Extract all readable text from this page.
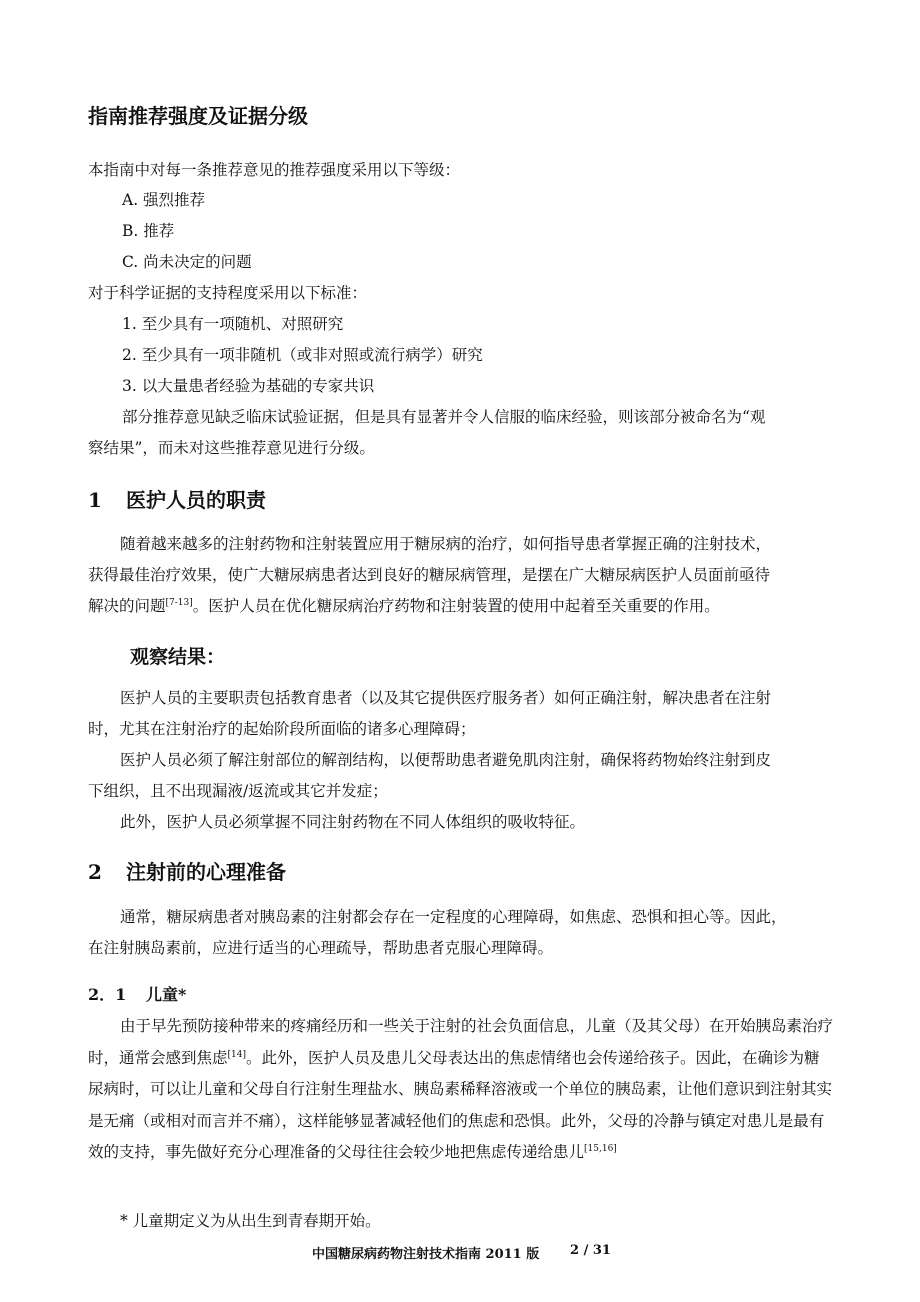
指南推荐强度及证据分级
本指南中对每一条推荐意见的推荐强度采用以下等级：
A. 强烈推荐
B. 推荐
C. 尚未决定的问题
对于科学证据的支持程度采用以下标准：
1. 至少具有一项随机、对照研究
2. 至少具有一项非随机（或非对照或流行病学）研究
3. 以大量患者经验为基础的专家共识
部分推荐意见缺乏临床试验证据，但是具有显著并令人信服的临床经验，则该部分被命名为“观
察结果”，而未对这些推荐意见进行分级。
1 医护人员的职责
随着越来越多的注射药物和注射装置应用于糖尿病的治疗，如何指导患者掌握正确的注射技术，
获得最佳治疗效果，使广大糖尿病患者达到良好的糖尿病管理，是摆在广大糖尿病医护人员面前亟待
解决的问题[7-13]。医护人员在优化糖尿病治疗药物和注射装置的使用中起着至关重要的作用。
观察结果：
医护人员的主要职责包括教育患者（以及其它提供医疗服务者）如何正确注射，解决患者在注射
时，尤其在注射治疗的起始阶段所面临的诸多心理障碍；
医护人员必须了解注射部位的解剖结构，以便帮助患者避免肌肉注射，确保将药物始终注射到皮
下组织，且不出现漏液/返流或其它并发症；
此外，医护人员必须掌握不同注射药物在不同人体组织的吸收特征。
2 注射前的心理准备
通常，糖尿病患者对胰岛素的注射都会存在一定程度的心理障碍，如焦虑、恐惧和担心等。因此，
在注射胰岛素前，应进行适当的心理疏导，帮助患者克服心理障碍。
2．1 儿童*

由于早先预防接种带来的疼痛经历和一些关于注射的社会负面信息，儿童（及其父母）在开始胰岛素治疗时，通常会感到焦虑[14]。此外，医护人员及患儿父母表达出的焦虑情绪也会传递给孩子。因此，在确诊为糖尿病时，可以让儿童和父母自行注射生理盐水、胰岛素稀释溶液或一个单位的胰岛素，让他们意识到注射其实是无痛（或相对而言并不痛），这样能够显著减轻他们的焦虑和恐惧。此外，父母的冷静与镇定对患儿是最有效的支持，事先做好充分心理准备的父母往往会较少地把焦虑传递给患儿[15,16]

* 儿童期定义为从出生到青春期开始。
中国糖尿病药物注射技术指南 2011 版 2 / 31
